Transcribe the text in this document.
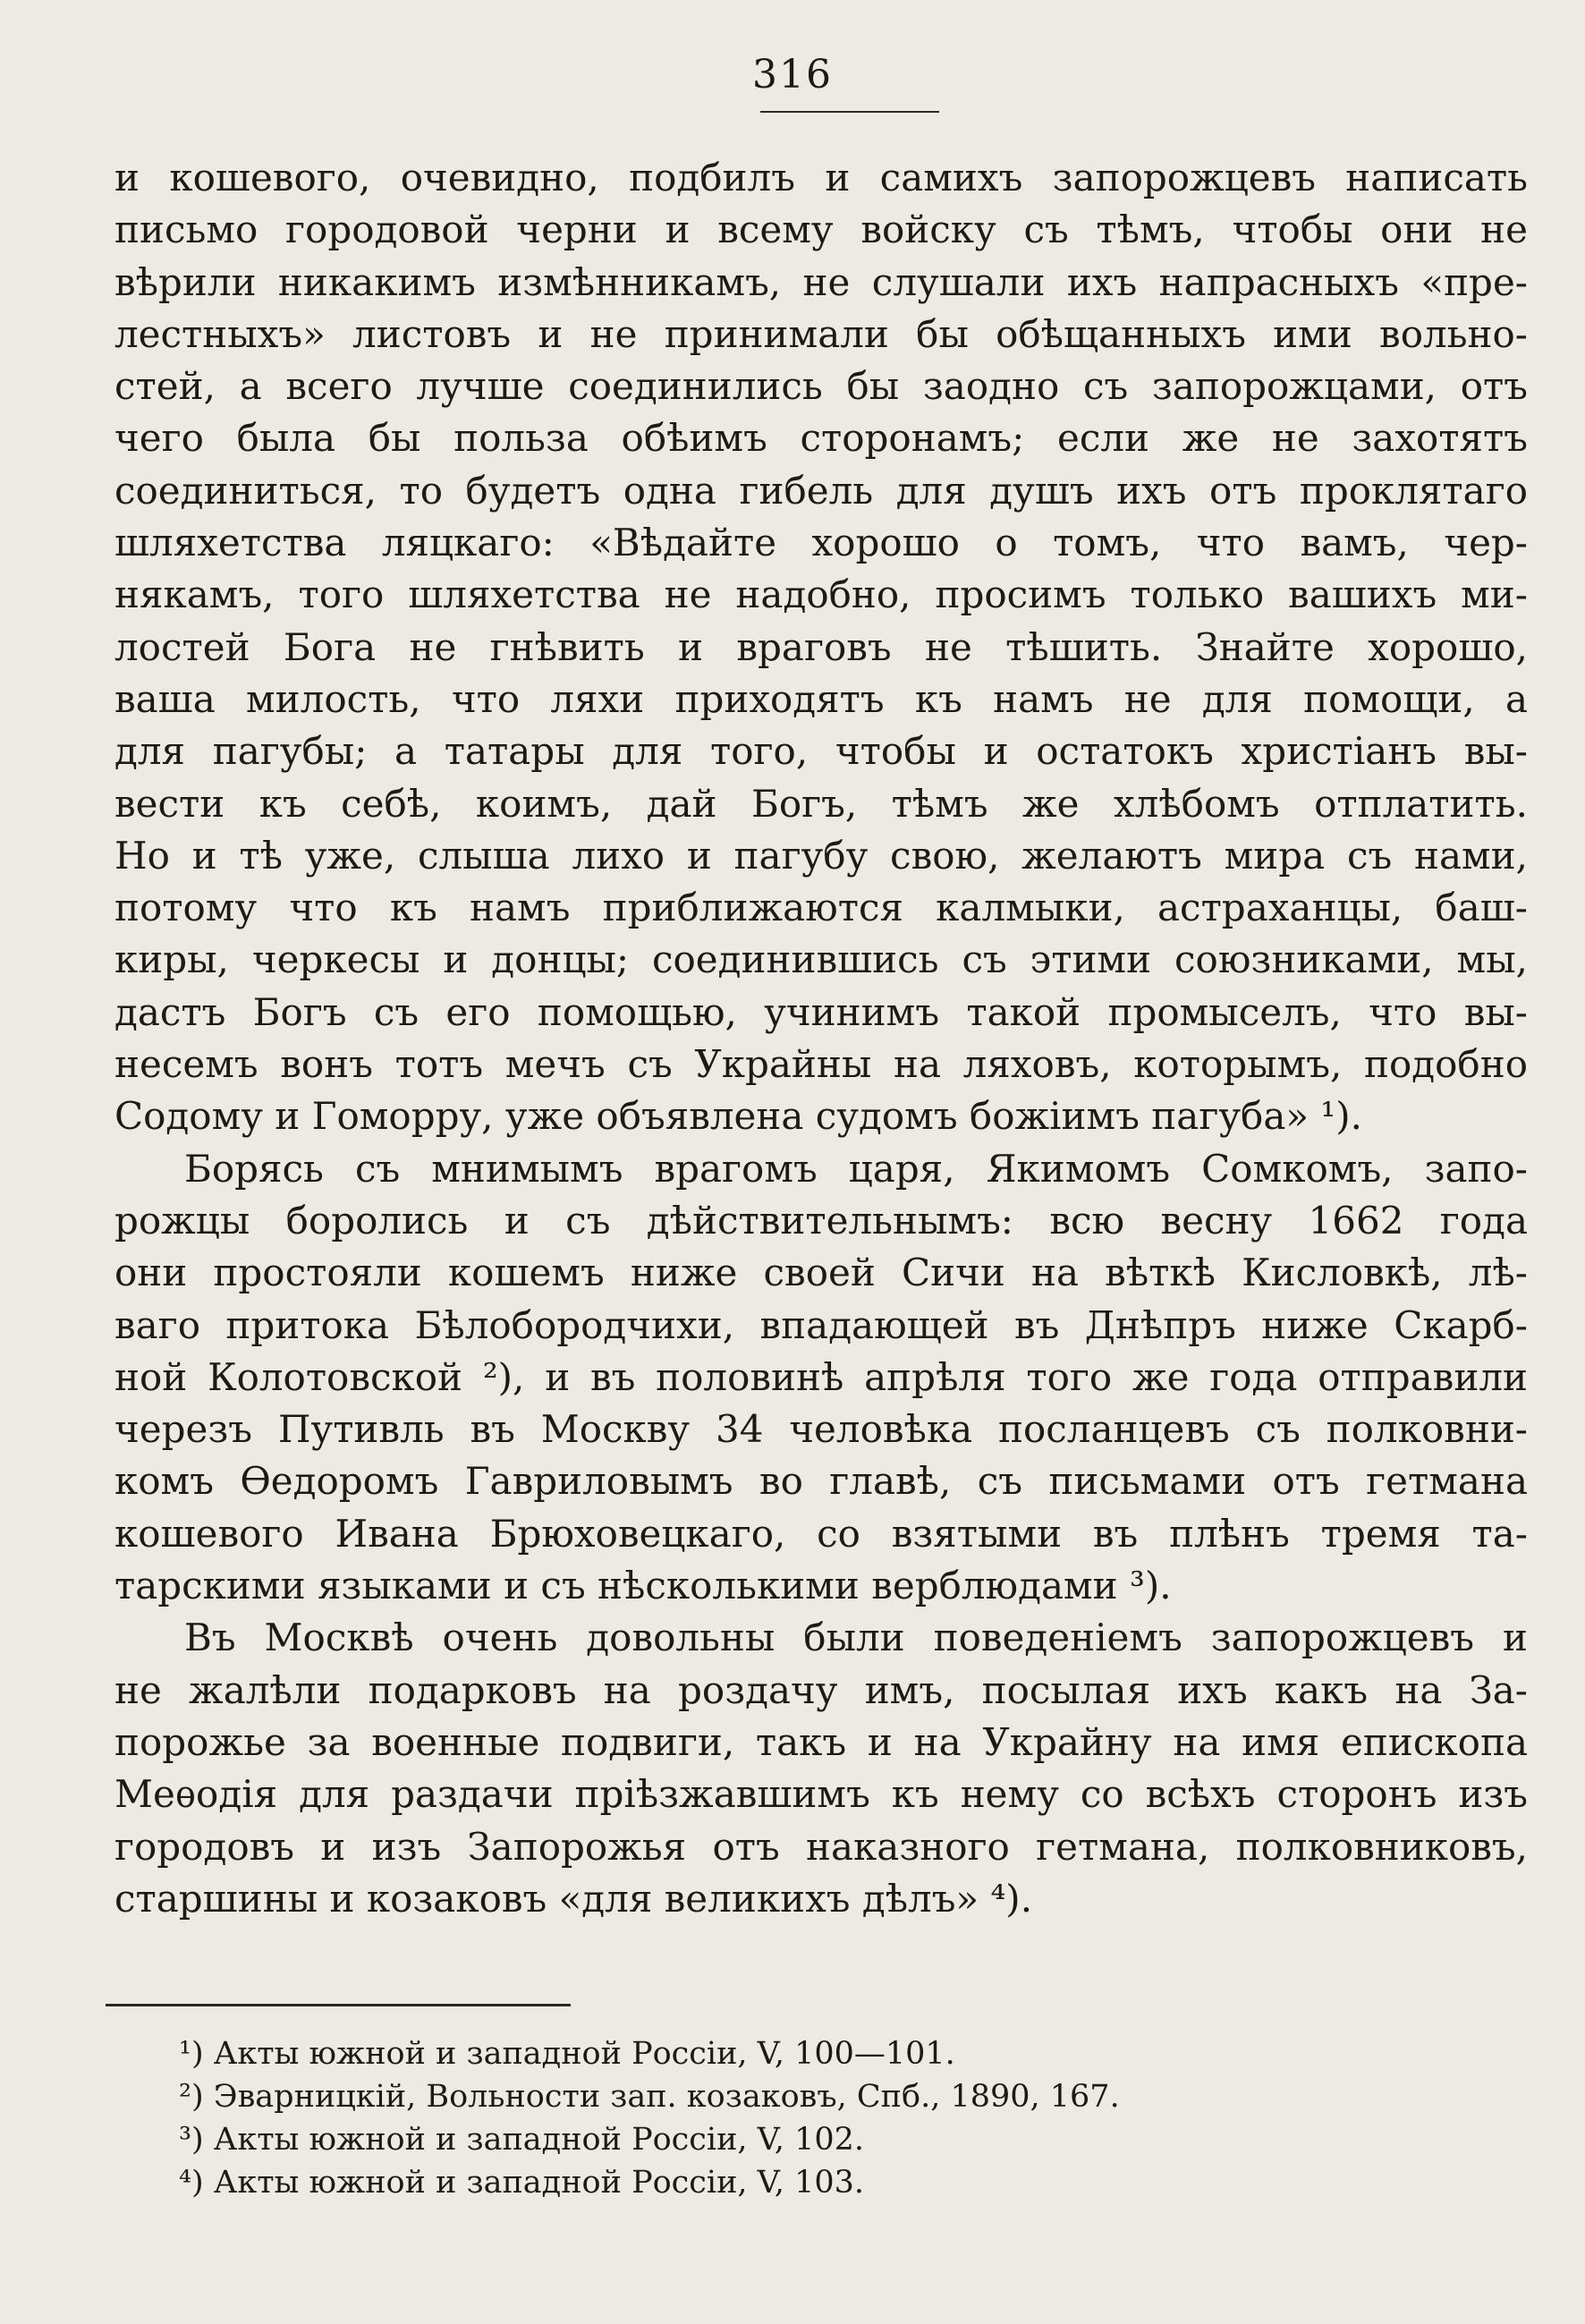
316
и кошевого, очевидно, подбилъ и самихъ запорожцевъ написать
письмо городовой черни и всему войску съ тѣмъ, чтобы они не
вѣрили никакимъ измѣнникамъ, не слушали ихъ напрасныхъ «пре-
лестныхъ» листовъ и не принимали бы обѣщанныхъ ими вольно-
стей, а всего лучше соединились бы заодно съ запорожцами, отъ
чего была бы польза обѣимъ сторонамъ; если же не захотятъ
соединиться, то будетъ одна гибель для душъ ихъ отъ проклятаго
шляхетства ляцкаго: «Вѣдайте хорошо о томъ, что вамъ, чер-
някамъ, того шляхетства не надобно, просимъ только вашихъ ми-
лостей Бога не гнѣвить и враговъ не тѣшить. Знайте хорошо,
ваша милость, что ляхи приходятъ къ намъ не для помощи, а
для пагубы; а татары для того, чтобы и остатокъ христіанъ вы-
вести къ себѣ, коимъ, дай Богъ, тѣмъ же хлѣбомъ отплатить.
Но и тѣ уже, слыша лихо и пагубу свою, желаютъ мира съ нами,
потому что къ намъ приближаются калмыки, астраханцы, баш-
киры, черкесы и донцы; соединившись съ этими союзниками, мы,
дастъ Богъ съ его помощью, учинимъ такой промыселъ, что вы-
несемъ вонъ тотъ мечъ съ Украйны на ляховъ, которымъ, подобно
Содому и Гоморру, уже объявлена судомъ божіимъ пагуба» ¹).
Борясь съ мнимымъ врагомъ царя, Якимомъ Сомкомъ, запо-
рожцы боролись и съ дѣйствительнымъ: всю весну 1662 года
они простояли кошемъ ниже своей Сичи на вѣткѣ Кисловкѣ, лѣ-
ваго притока Бѣлобородчихи, впадающей въ Днѣпръ ниже Скарб-
ной Колотовской ²), и въ половинѣ апрѣля того же года отправили
черезъ Путивль въ Москву 34 человѣка посланцевъ съ полковни-
комъ Ѳедоромъ Гавриловымъ во главѣ, съ письмами отъ гетмана
кошевого Ивана Брюховецкаго, со взятыми въ плѣнъ тремя та-
тарскими языками и съ нѣсколькими верблюдами ³).
Въ Москвѣ очень довольны были поведеніемъ запорожцевъ и
не жалѣли подарковъ на роздачу имъ, посылая ихъ какъ на За-
порожье за военные подвиги, такъ и на Украйну на имя епископа
Меѳодія для раздачи пріѣзжавшимъ къ нему со всѣхъ сторонъ изъ
городовъ и изъ Запорожья отъ наказного гетмана, полковниковъ,
старшины и козаковъ «для великихъ дѣлъ» ⁴).
¹) Акты южной и западной Россіи, V, 100—101.
²) Эварницкій, Вольности зап. козаковъ, Спб., 1890, 167.
³) Акты южной и западной Россіи, V, 102.
⁴) Акты южной и западной Россіи, V, 103.
